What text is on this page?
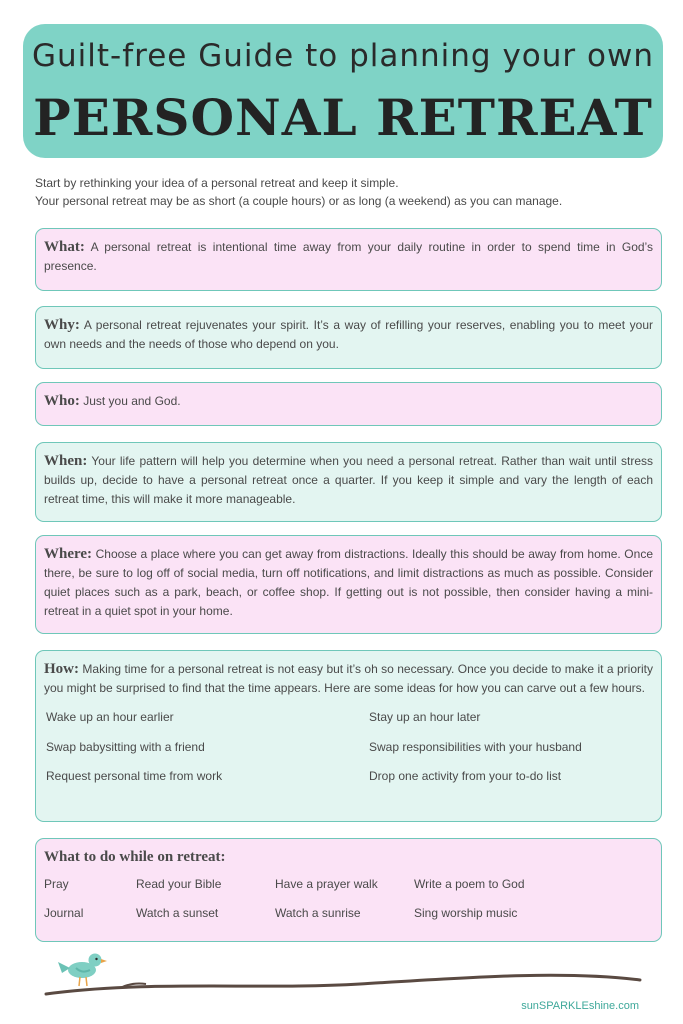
Guilt-free Guide to planning your own
PERSONAL RETREAT
Start by rethinking your idea of a personal retreat and keep it simple.
Your personal retreat may be as short (a couple hours) or as long (a weekend) as you can manage.
What: A personal retreat is intentional time away from your daily routine in order to spend time in God’s presence.
Why: A personal retreat rejuvenates your spirit. It’s a way of refilling your reserves, enabling you to meet your own needs and the needs of those who depend on you.
Who: Just you and God.
When: Your life pattern will help you determine when you need a personal retreat. Rather than wait until stress builds up, decide to have a personal retreat once a quarter. If you keep it simple and vary the length of each retreat time, this will make it more manageable.
Where: Choose a place where you can get away from distractions. Ideally this should be away from home. Once there, be sure to log off of social media, turn off notifications, and limit distractions as much as possible. Consider quiet places such as a park, beach, or coffee shop. If getting out is not possible, then consider having a mini-retreat in a quiet spot in your home.
How: Making time for a personal retreat is not easy but it’s oh so necessary. Once you decide to make it a priority you might be surprised to find that the time appears. Here are some ideas for how you can carve out a few hours.
Wake up an hour earlier	Stay up an hour later
Swap babysitting with a friend	Swap responsibilities with your husband
Request personal time from work	Drop one activity from your to-do list
What to do while on retreat:
Pray	Read your Bible	Have a prayer walk	Write a poem to God
Journal	Watch a sunset	Watch a sunrise	Sing worship music
sunSPARKLEshine.com
